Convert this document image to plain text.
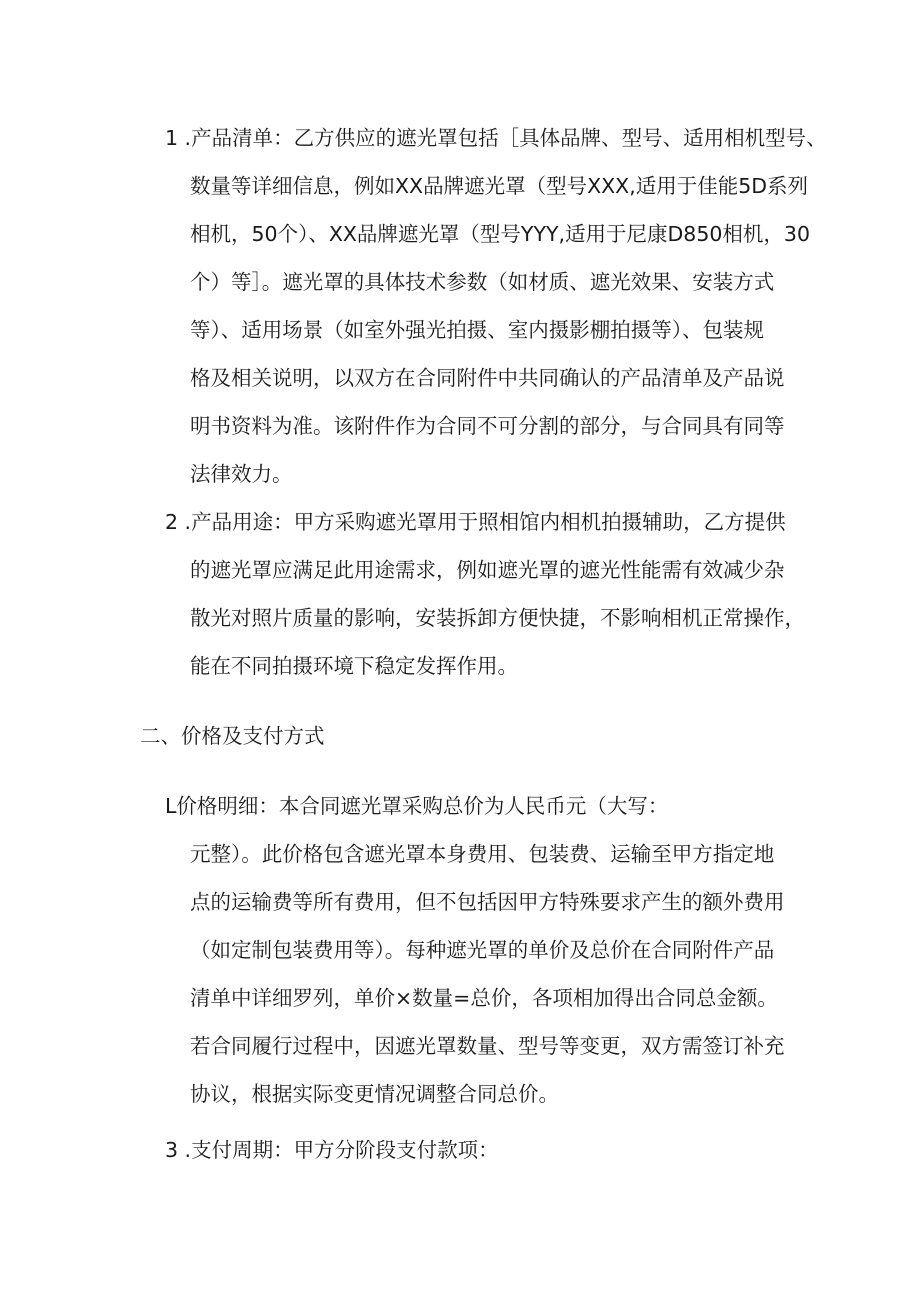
1 .产品清单：乙方供应的遮光罩包括［具体品牌、型号、适用相机型号、
数量等详细信息，例如XX品牌遮光罩（型号XXX,适用于佳能5D系列
相机，50个）、XX品牌遮光罩（型号YYY,适用于尼康D850相机，30
个）等］。遮光罩的具体技术参数（如材质、遮光效果、安装方式
等）、适用场景（如室外强光拍摄、室内摄影棚拍摄等）、包装规
格及相关说明，以双方在合同附件中共同确认的产品清单及产品说
明书资料为准。该附件作为合同不可分割的部分，与合同具有同等
法律效力。
2 .产品用途：甲方采购遮光罩用于照相馆内相机拍摄辅助，乙方提供
的遮光罩应满足此用途需求，例如遮光罩的遮光性能需有效减少杂
散光对照片质量的影响，安装拆卸方便快捷，不影响相机正常操作，
能在不同拍摄环境下稳定发挥作用。
二、价格及支付方式
L价格明细：本合同遮光罩采购总价为人民币元（大写：
元整）。此价格包含遮光罩本身费用、包装费、运输至甲方指定地
点的运输费等所有费用，但不包括因甲方特殊要求产生的额外费用
（如定制包装费用等）。每种遮光罩的单价及总价在合同附件产品
清单中详细罗列，单价×数量=总价，各项相加得出合同总金额。
若合同履行过程中，因遮光罩数量、型号等变更，双方需签订补充
协议，根据实际变更情况调整合同总价。
3 .支付周期：甲方分阶段支付款项：
